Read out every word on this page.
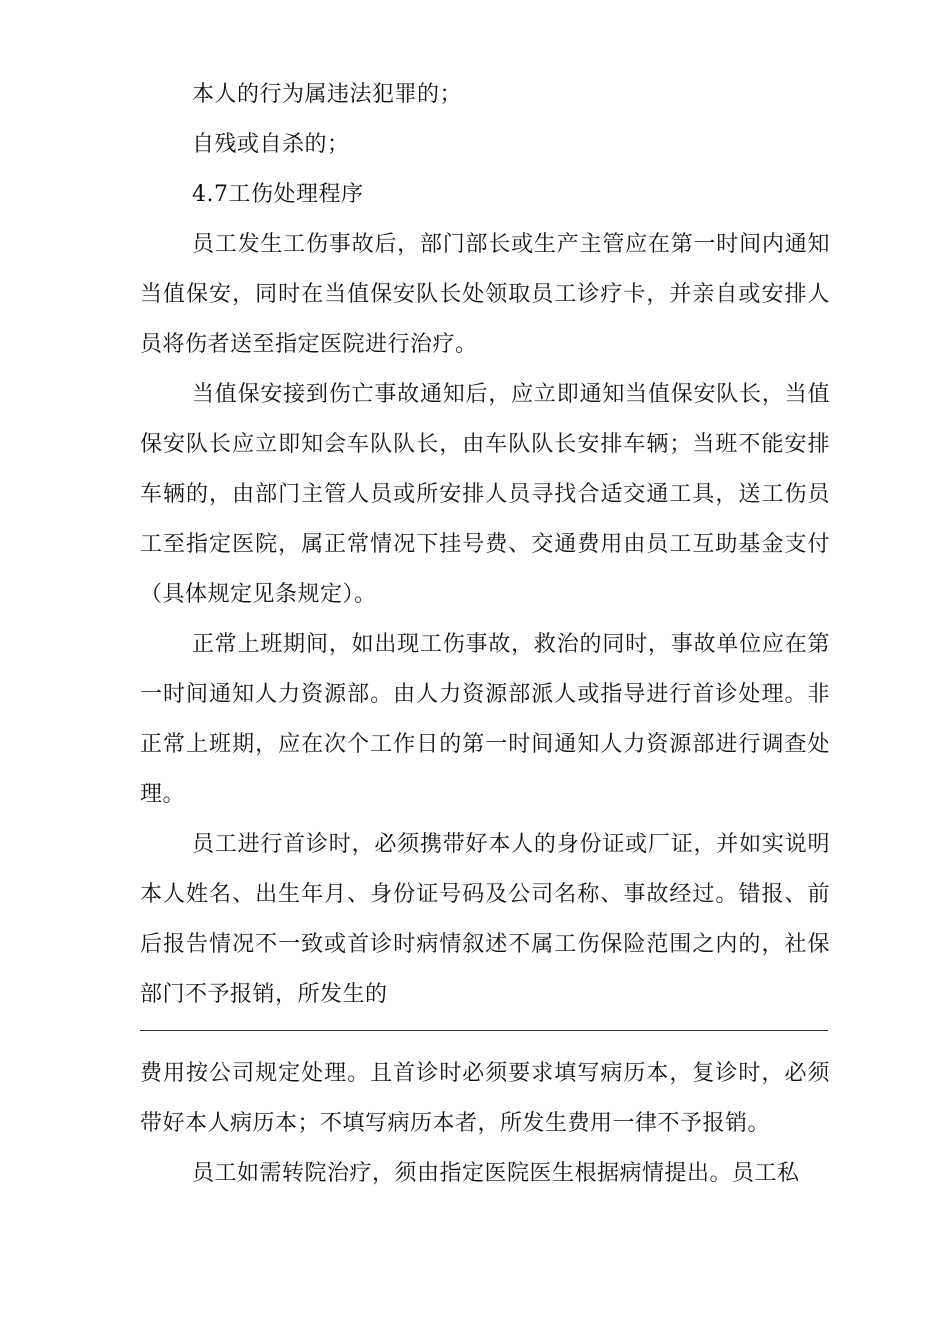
本人的行为属违法犯罪的；

自残或自杀的；

4.7工伤处理程序

员工发生工伤事故后，部门部长或生产主管应在第一时间内通知当值保安，同时在当值保安队长处领取员工诊疗卡，并亲自或安排人员将伤者送至指定医院进行治疗。

当值保安接到伤亡事故通知后，应立即通知当值保安队长，当值保安队长应立即知会车队队长，由车队队长安排车辆；当班不能安排车辆的，由部门主管人员或所安排人员寻找合适交通工具，送工伤员工至指定医院，属正常情况下挂号费、交通费用由员工互助基金支付（具体规定见条规定）。

正常上班期间，如出现工伤事故，救治的同时，事故单位应在第一时间通知人力资源部。由人力资源部派人或指导进行首诊处理。非正常上班期，应在次个工作日的第一时间通知人力资源部进行调查处理。

员工进行首诊时，必须携带好本人的身份证或厂证，并如实说明本人姓名、出生年月、身份证号码及公司名称、事故经过。错报、前后报告情况不一致或首诊时病情叙述不属工伤保险范围之内的，社保部门不予报销，所发生的

费用按公司规定处理。且首诊时必须要求填写病历本，复诊时，必须带好本人病历本；不填写病历本者，所发生费用一律不予报销。

员工如需转院治疗，须由指定医院医生根据病情提出。员工私
